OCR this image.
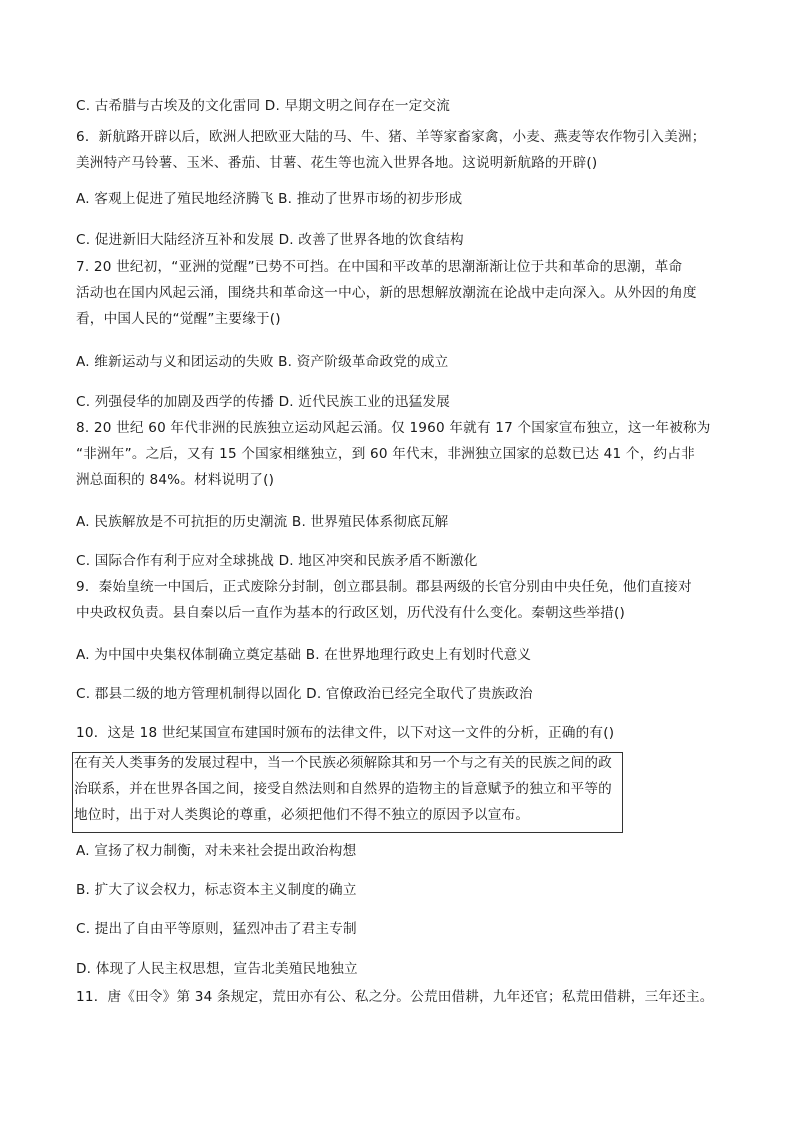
C. 古希腊与古埃及的文化雷同 D. 早期文明之间存在一定交流
6．新航路开辟以后，欧洲人把欧亚大陆的马、牛、猪、羊等家畜家禽，小麦、燕麦等农作物引入美洲；
美洲特产马铃薯、玉米、番茄、甘薯、花生等也流入世界各地。这说明新航路的开辟()
A. 客观上促进了殖民地经济腾飞 B. 推动了世界市场的初步形成
C. 促进新旧大陆经济互补和发展 D. 改善了世界各地的饮食结构
7. 20 世纪初，“亚洲的觉醒”已势不可挡。在中国和平改革的思潮渐渐让位于共和革命的思潮，革命
活动也在国内风起云涌，围绕共和革命这一中心，新的思想解放潮流在论战中走向深入。从外因的角度
看，中国人民的“觉醒”主要缘于()
A. 维新运动与义和团运动的失败 B. 资产阶级革命政党的成立
C. 列强侵华的加剧及西学的传播 D. 近代民族工业的迅猛发展
8. 20 世纪 60 年代非洲的民族独立运动风起云涌。仅 1960 年就有 17 个国家宣布独立，这一年被称为
“非洲年”。之后，又有 15 个国家相继独立，到 60 年代末，非洲独立国家的总数已达 41 个，约占非
洲总面积的 84%。材料说明了()
A. 民族解放是不可抗拒的历史潮流 B. 世界殖民体系彻底瓦解
C. 国际合作有利于应对全球挑战 D. 地区冲突和民族矛盾不断激化
9．秦始皇统一中国后，正式废除分封制，创立郡县制。郡县两级的长官分别由中央任免，他们直接对
中央政权负责。县自秦以后一直作为基本的行政区划，历代没有什么变化。秦朝这些举措()
A. 为中国中央集权体制确立奠定基础 B. 在世界地理行政史上有划时代意义
C. 郡县二级的地方管理机制得以固化 D. 官僚政治已经完全取代了贵族政治
10．这是 18 世纪某国宣布建国时颁布的法律文件，以下对这一文件的分析，正确的有()
在有关人类事务的发展过程中，当一个民族必须解除其和另一个与之有关的民族之间的政
治联系，并在世界各国之间，接受自然法则和自然界的造物主的旨意赋予的独立和平等的
地位时，出于对人类舆论的尊重，必须把他们不得不独立的原因予以宣布。
A. 宣扬了权力制衡，对未来社会提出政治构想
B. 扩大了议会权力，标志资本主义制度的确立
C. 提出了自由平等原则，猛烈冲击了君主专制
D. 体现了人民主权思想，宣告北美殖民地独立
11．唐《田令》第 34 条规定，荒田亦有公、私之分。公荒田借耕，九年还官；私荒田借耕，三年还主。
